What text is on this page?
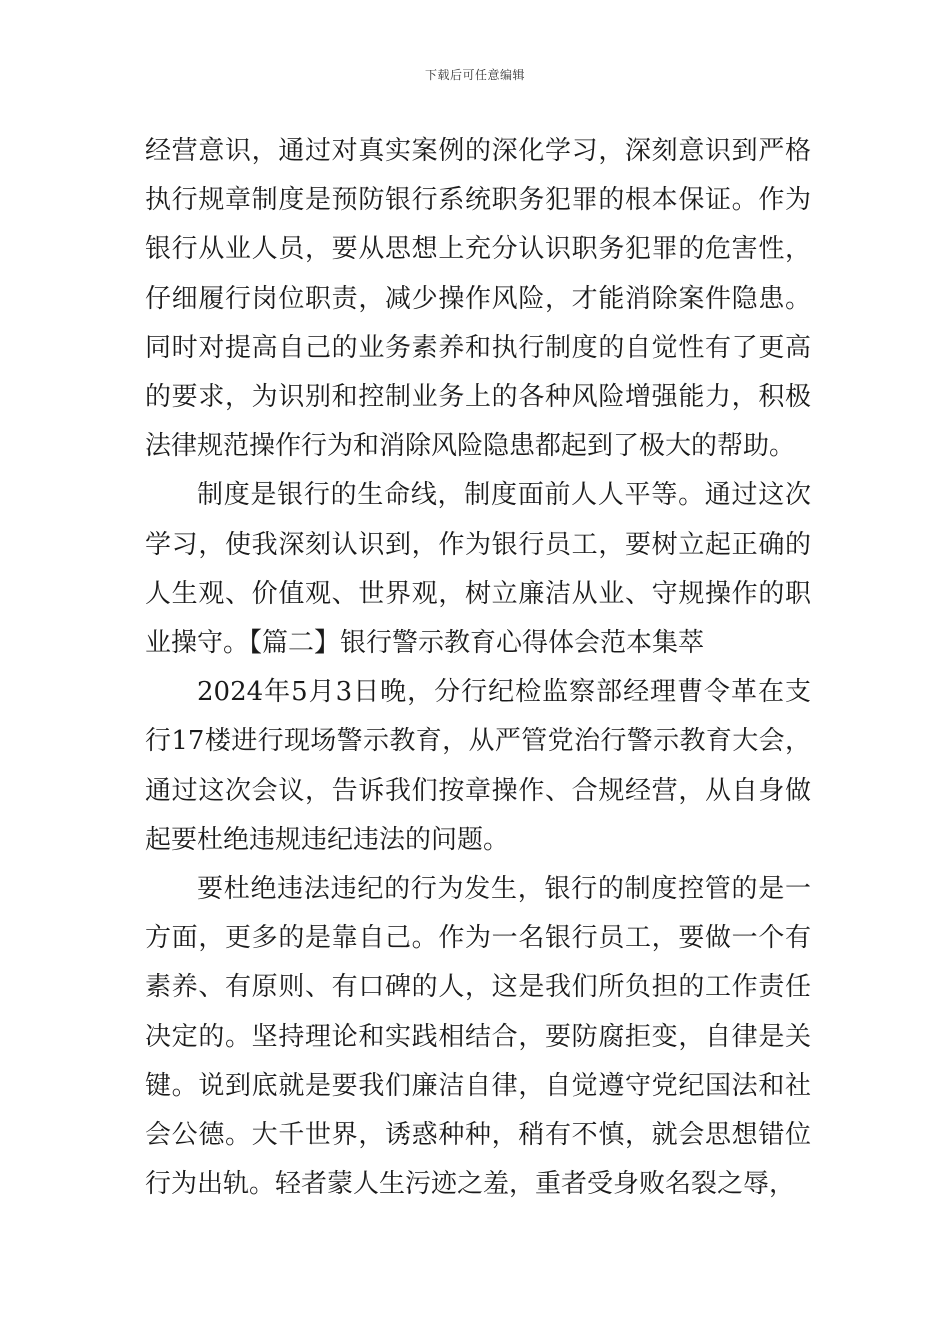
下载后可任意编辑

经营意识，通过对真实案例的深化学习，深刻意识到严格执行规章制度是预防银行系统职务犯罪的根本保证。作为银行从业人员，要从思想上充分认识职务犯罪的危害性，仔细履行岗位职责，减少操作风险，才能消除案件隐患。同时对提高自己的业务素养和执行制度的自觉性有了更高的要求，为识别和控制业务上的各种风险增强能力，积极法律规范操作行为和消除风险隐患都起到了极大的帮助。

制度是银行的生命线，制度面前人人平等。通过这次学习，使我深刻认识到，作为银行员工，要树立起正确的人生观、价值观、世界观，树立廉洁从业、守规操作的职业操守。【篇二】银行警示教育心得体会范本集萃

2024年5月3日晚，分行纪检监察部经理曹令革在支行17楼进行现场警示教育，从严管党治行警示教育大会，通过这次会议，告诉我们按章操作、合规经营，从自身做起要杜绝违规违纪违法的问题。

要杜绝违法违纪的行为发生，银行的制度控管的是一方面，更多的是靠自己。作为一名银行员工，要做一个有素养、有原则、有口碑的人，这是我们所负担的工作责任决定的。坚持理论和实践相结合，要防腐拒变，自律是关键。说到底就是要我们廉洁自律，自觉遵守党纪国法和社会公德。大千世界，诱惑种种，稍有不慎，就会思想错位行为出轨。轻者蒙人生污迹之羞，重者受身败名裂之辱，
